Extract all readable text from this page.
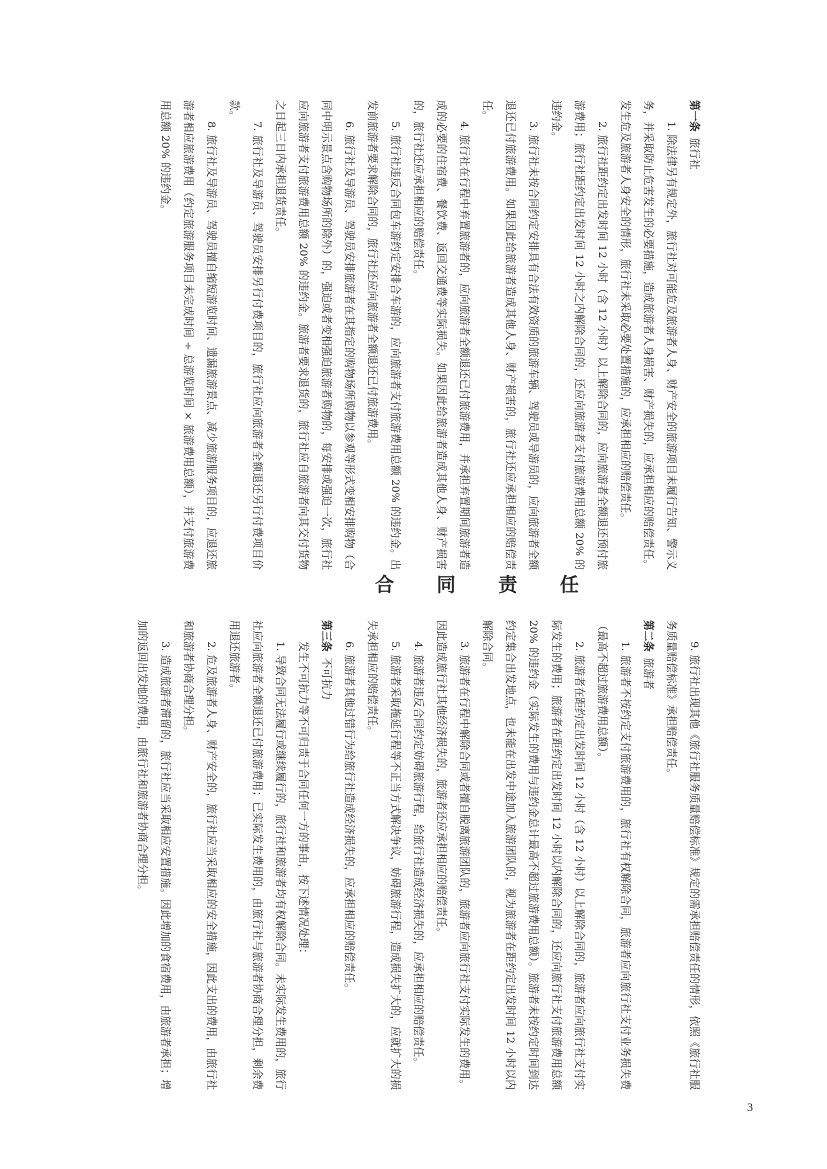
第一条旅行社

1. 除法律另有规定外，旅行社对可能危及旅游者人身、财产安全的旅游项目未履行告知、警示义务，并采取防止危害发生的必要措施，造成旅游者人身损害、财产损失的，应承担相应的赔偿责任。发生危及旅游者人身安全的情形，旅行社未采取必要处置措施的，应承担相应的赔偿责任。

2. 旅行社距约定出发时间 12 小时（含 12 小时）以上解除合同的，应向旅游者全额退还预付旅游费用；旅行社距约定出发时间 12 小时之内解除合同的，还应向旅游者支付旅游费用总额 20% 的违约金。

3. 旅行社未按合同约定安排具有合法有效资质的旅游车辆、驾驶员或导游员的，应向旅游者全额退还已付旅游费用。如果因此给旅游者造成其他人身、财产损害的，旅行社还应承担相应的赔偿责任。

4. 旅行社在行程中弃置旅游者的，应向旅游者全额退还已付旅游费用，并承担弃置期间旅游者造成的必要的住宿费、餐饮费、返回交通费等实际损失。如果因此给旅游者造成其他人身、财产损害的，旅行社还应承担相应的赔偿责任。

5. 旅行社违反合同包车游约定安排合车游的，应向旅游者支付旅游费用总额 20% 的违约金。出发前旅游者要求解除合同的，旅行社还应向旅游者全额退还已付旅游费用。

6. 旅行社及导游员、驾驶员安排旅游者在其指定的购物场所购物以参观等形式变相安排购物（合同中明示景点含购物场所的除外）的，强迫或者变相强迫旅游者购物的，每安排或强迫一次，旅行社应向旅游者支付旅游费用总额 20% 的违约金。旅游者要求退货的，旅行社应自旅游者向其交付货物之日起三日内承担退货责任。

7. 旅行社及导游员、驾驶员安排另行付费项目的，旅行社应向旅游者全额退还另行付费项目价款。

8. 旅行社及导游员、驾驶员擅自缩短游览时间、遗漏旅游景点、减少旅游服务项目的，应退还旅游者相应旅游费用（约定旅游服务项目未完成时间 ÷ 总游览时间 × 旅游费用总额），并支付旅游费用总额 20% 的违约金。

合 同 责 任

9. 旅行社出现其他《旅行社服务质量赔偿标准》规定的需承担赔偿责任的情形，依照《旅行社服务质量赔偿标准》承担赔偿责任。

第二条旅游者

1. 旅游者不按约定支付旅游费用的，旅行社有权解除合同，旅游者应向旅行社支付业务损失费（最高不超过旅游费用总额）。

2. 旅游者在距约定出发时间 12 小时（含 12 小时）以上解除合同的，旅游者应向旅行社支付实际发生的费用；旅游者在距约定出发时间 12 小时以内解除合同的，还应向旅行社支付旅游费用总额 20% 的违约金（实际发生的费用与违约金总计最高不超过旅游费用总额）。旅游者未按约定时间到达约定集合出发地点，也未能在出发中途加入旅游团队的，视为旅游者在距约定出发时间 12 小时以内解除合同。

3. 旅游者在行程中解除合同或者擅自脱离旅游团队的，旅游者应向旅行社支付实际发生的费用。因此造成旅行社其他经济损失的，旅游者还应承担相应的赔偿责任。

4. 旅游者违反合同约定妨碍旅游行程，给旅行社造成经济损失的，应承担相应的赔偿责任。

5. 旅游者采取拖延行程等不正当方式解决争议，妨碍旅游行程，造成损失扩大的，应就扩大的损失承担相应的赔偿责任。

6. 旅游者其他过错行为给旅行社造成经济损失的，应承担相应的赔偿责任。

第三条不可抗力

发生不可抗力等不可归责于合同任何一方的事由，按下述情况处理：

1. 导致合同无法履行或继续履行的，旅行社和旅游者均有权解除合同。未实际发生费用的，旅行社应向旅游者全额退还已付旅游费用；已实际发生费用的，由旅行社与旅游者协商合理分担，剩余费用退还旅游者。

2. 危及旅游者人身、财产安全的，旅行社应当采取相应的安全措施，因此支出的费用，由旅行社和旅游者协商合理分担。

3. 造成旅游者滞留的，旅行社应当采取相应安置措施。因此增加的食宿费用，由旅游者承担；增加的返回出发地的费用，由旅行社和旅游者协商合理分担。

3
